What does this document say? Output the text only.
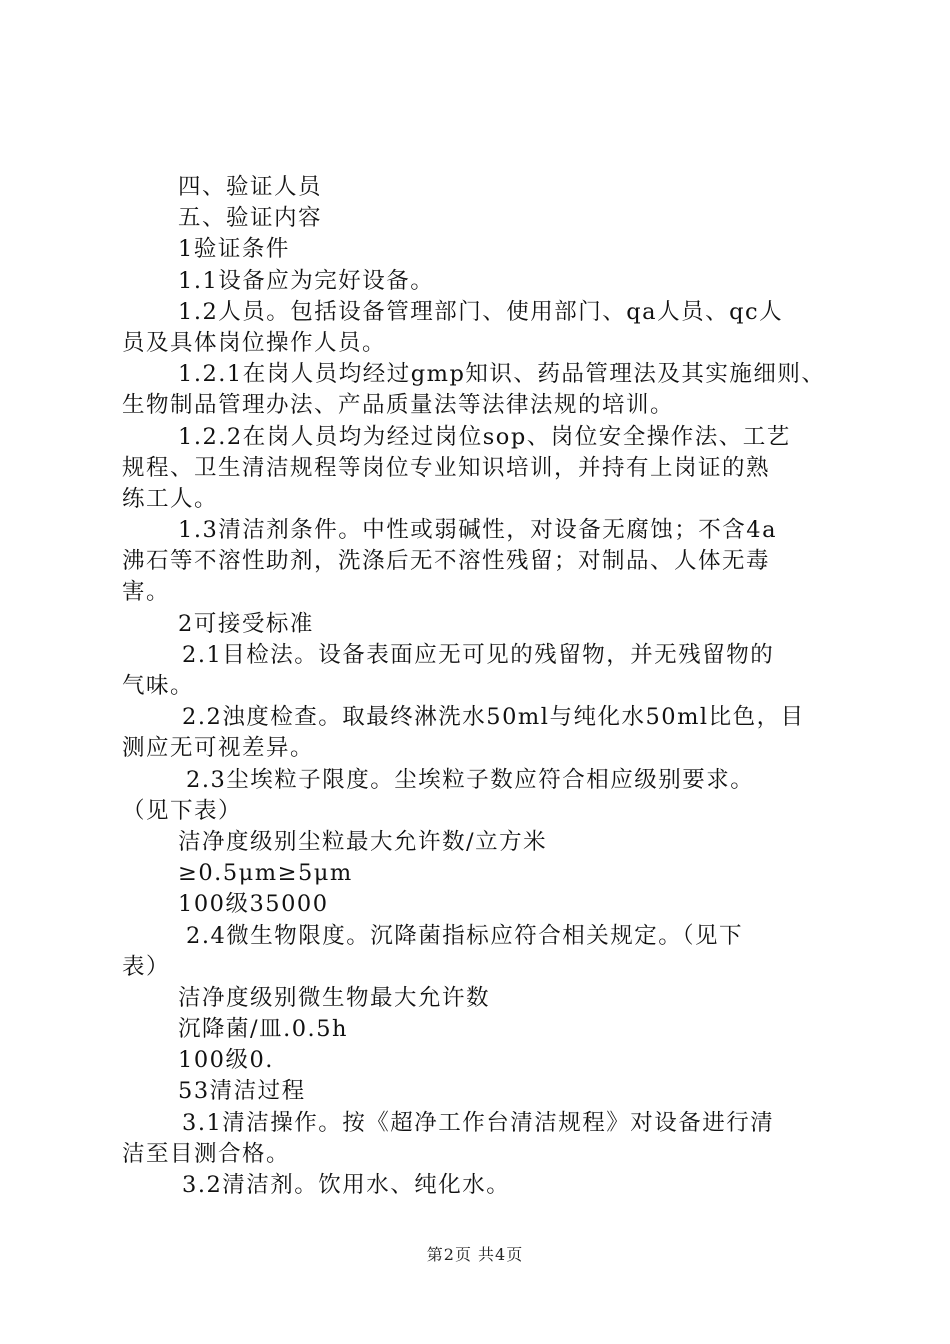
四、验证人员
五、验证内容
1验证条件
1.1设备应为完好设备。
1.2人员。包括设备管理部门、使用部门、qa人员、qc人
员及具体岗位操作人员。
1.2.1在岗人员均经过gmp知识、药品管理法及其实施细则、
生物制品管理办法、产品质量法等法律法规的培训。
1.2.2在岗人员均为经过岗位sop、岗位安全操作法、工艺
规程、卫生清洁规程等岗位专业知识培训，并持有上岗证的熟
练工人。
1.3清洁剂条件。中性或弱碱性，对设备无腐蚀；不含4a
沸石等不溶性助剂，洗涤后无不溶性残留；对制品、人体无毒
害。
2可接受标准
2.1目检法。设备表面应无可见的残留物，并无残留物的
气味。
2.2浊度检查。取最终淋洗水50ml与纯化水50ml比色，目
测应无可视差异。
2.3尘埃粒子限度。尘埃粒子数应符合相应级别要求。
（见下表）
洁净度级别尘粒最大允许数/立方米
≥0.5μm≥5μm
100级35000
2.4微生物限度。沉降菌指标应符合相关规定。（见下
表）
洁净度级别微生物最大允许数
沉降菌/皿.0.5h
100级0.
53清洁过程
3.1清洁操作。按《超净工作台清洁规程》对设备进行清
洁至目测合格。
3.2清洁剂。饮用水、纯化水。
第2页 共4页
